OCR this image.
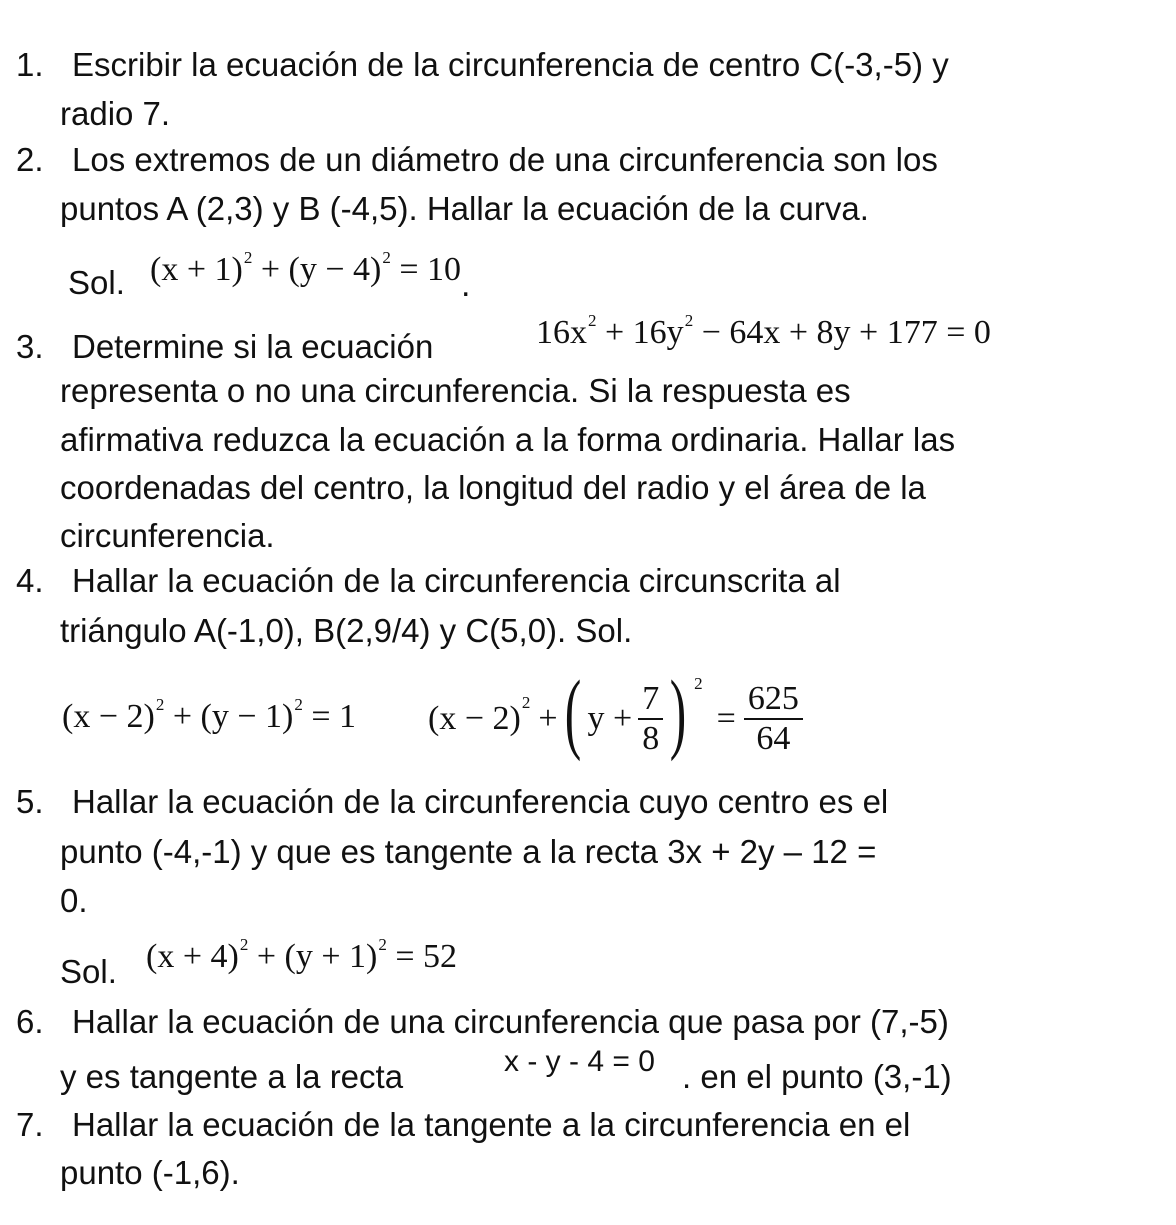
1. Escribir la ecuación de la circunferencia de centro C(-3,-5) y
radio 7.
2. Los extremos de un diámetro de una circunferencia son los
puntos A (2,3) y B (-4,5). Hallar la ecuación de la curva.
Sol. $(x + 1)^2 + (y - 4)^2 = 10$.
3. Determine si la ecuación	$16x^2 + 16y^2 - 64x + 8y + 177 = 0$
representa o no una circunferencia. Si la respuesta es
afirmativa reduzca la ecuación a la forma ordinaria. Hallar las
coordenadas del centro, la longitud del radio y el área de la
circunferencia.
4. Hallar la ecuación de la circunferencia circunscrita al
triángulo A(-1,0), B(2,9/4) y C(5,0). Sol.
$(x - 2)^2 + (y - 1)^2 = 1$ $(x - 2)^2$ + ( $y + \frac{7}{8}$ ) $^2$
= $\frac{625}{64}$
5. Hallar la ecuación de la circunferencia cuyo centro es el
punto (-4,-1) y que es tangente a la recta 3x + 2y – 12 =
0.
Sol. $(x + 4)^2 + (y + 1)^2 = 52$
6. Hallar la ecuación de una circunferencia que pasa por (7,-5)
y es tangente a la recta	x - y - 4 = 0 . en el punto (3,-1)
7. Hallar la ecuación de la tangente a la circunferencia en el
punto (-1,6).
